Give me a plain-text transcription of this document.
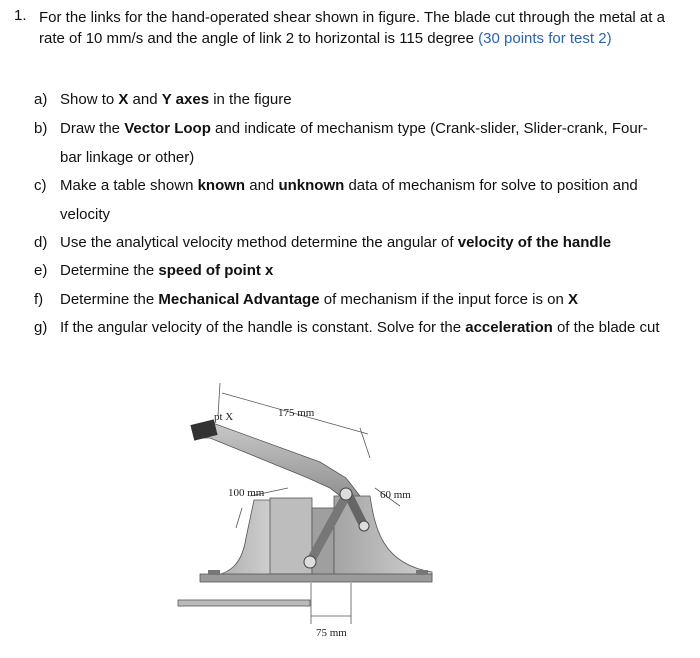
1. For the links for the hand-operated shear shown in figure. The blade cut through the metal at a rate of 10 mm/s and the angle of link 2 to horizontal is 115 degree (30 points for test 2)
a) Show to X and Y axes in the figure
b) Draw the Vector Loop and indicate of mechanism type (Crank-slider, Slider-crank, Four-bar linkage or other)
c) Make a table shown known and unknown data of mechanism for solve to position and velocity
d) Use the analytical velocity method determine the angular of velocity of the handle
e) Determine the speed of point x
f) Determine the Mechanical Advantage of mechanism if the input force is on X
g) If the angular velocity of the handle is constant. Solve for the acceleration of the blade cut
pt X	175 mm
100 mm	60 mm
75 mm
